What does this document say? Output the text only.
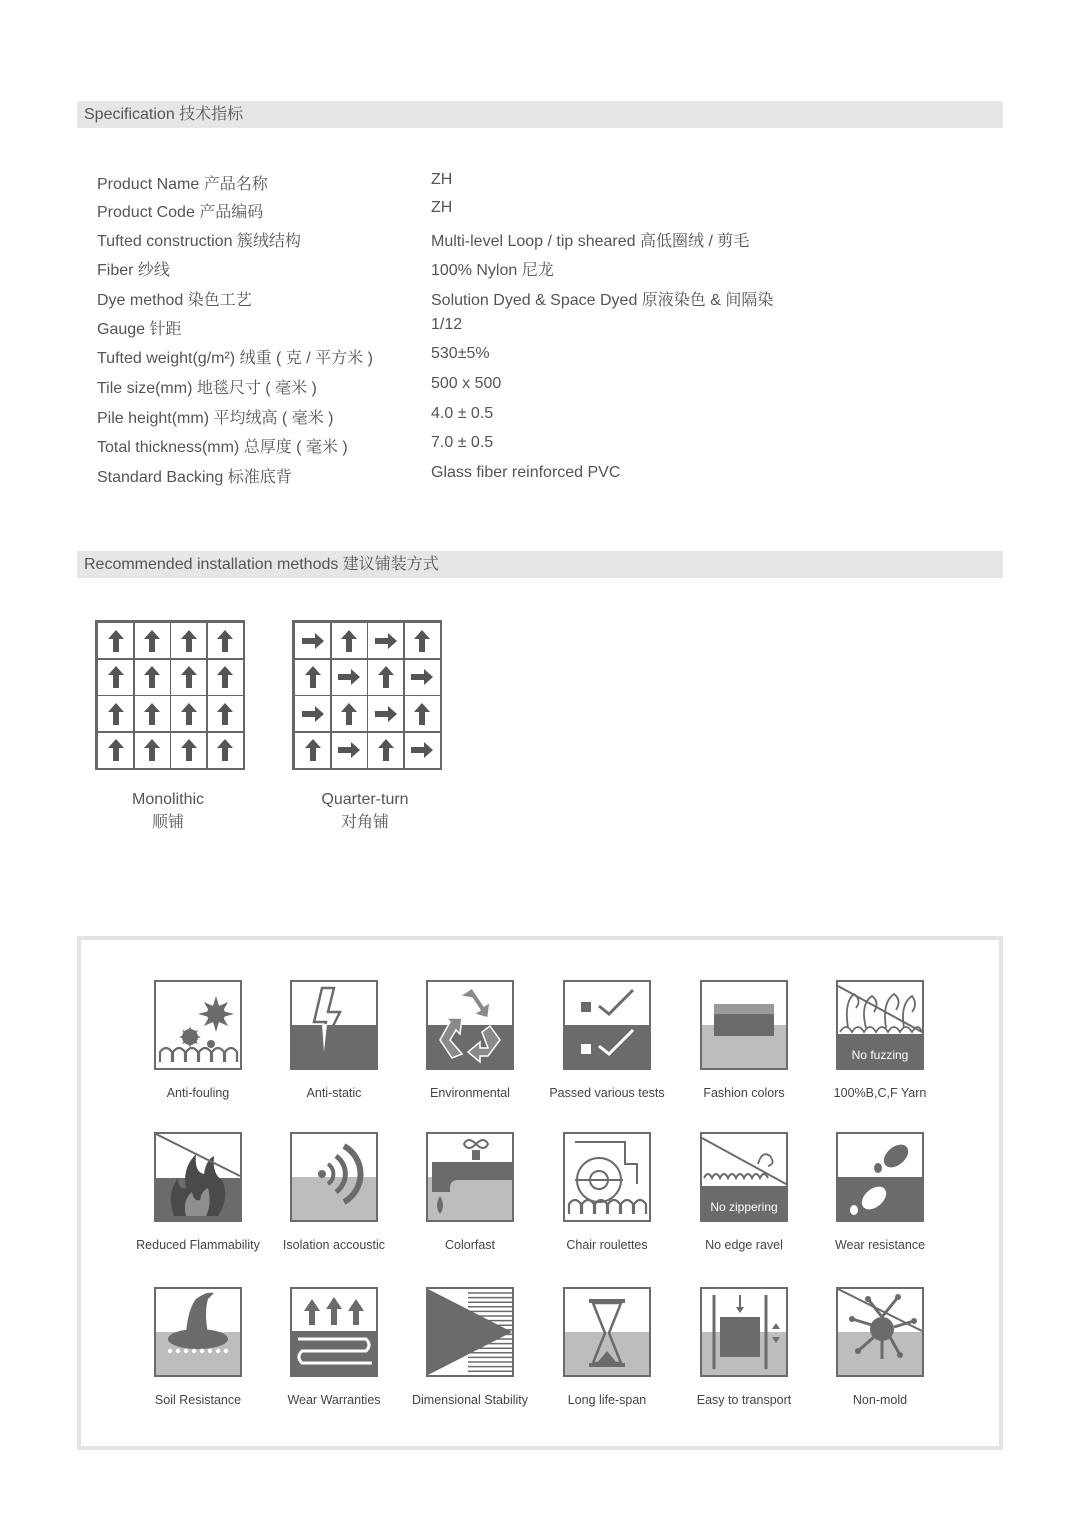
Specification 技术指标
Product Name 产品名称	ZH
Product Code 产品编码	ZH
Tufted construction 簇绒结构	Multi-level Loop / tip sheared 高低圈绒 / 剪毛
Fiber 纱线	100% Nylon 尼龙
Dye method 染色工艺	Solution Dyed & Space Dyed 原液染色 & 间隔染
Gauge 针距	1/12
Tufted weight(g/m²) 绒重 ( 克 / 平方米 )	530±5%
Tile size(mm) 地毯尺寸 ( 毫米 )	500 x 500
Pile height(mm) 平均绒高 ( 毫米 )	4.0 ± 0.5
Total thickness(mm) 总厚度 ( 毫米 )	7.0 ± 0.5
Standard Backing 标准底背	Glass fiber reinforced PVC
Recommended installation methods 建议铺装方式
Monolithic
顺铺
Quarter-turn
对角铺
Anti-fouling	Anti-static	Environmental	Passed various tests	Fashion colors
No fuzzing
100%B,C,F Yarn
Reduced Flammability	Isolation accoustic	Colorfast	Chair roulettes
No zippering
No edge ravel	Wear resistance
Soil Resistance	Wear Warranties	Dimensional Stability	Long life-span	Easy to transport	Non-mold
